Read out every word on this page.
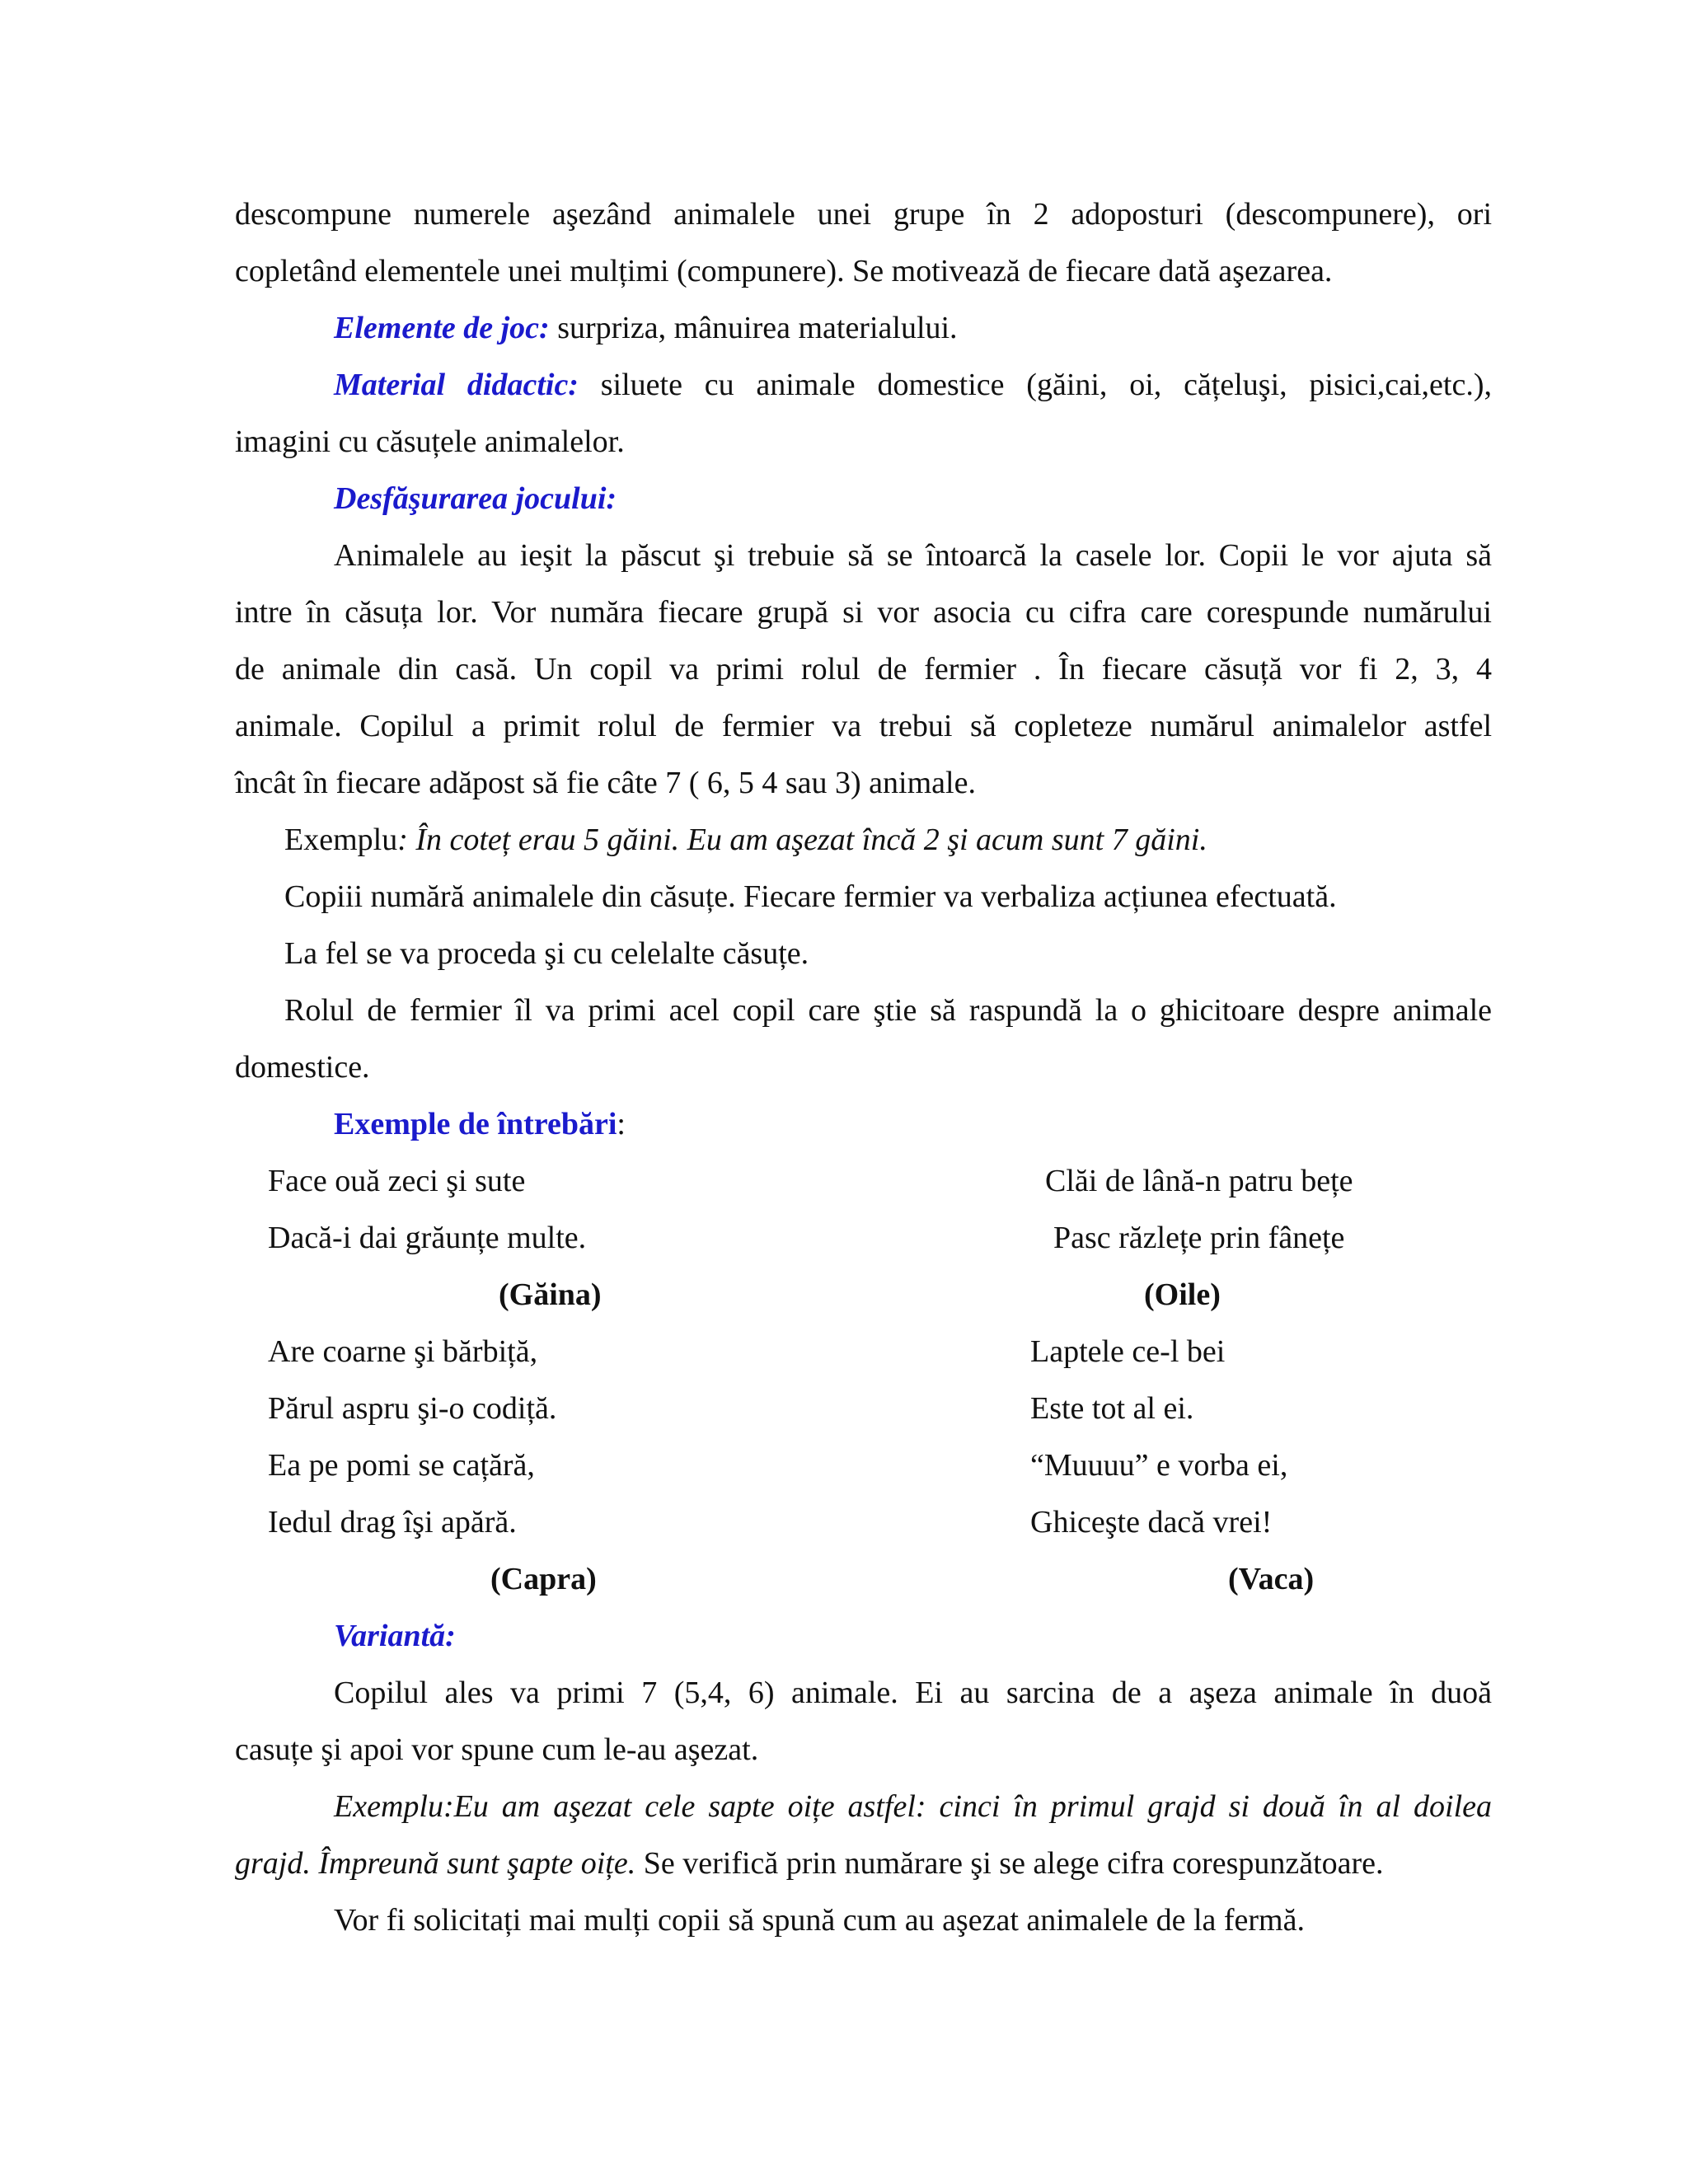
descompune numerele aşezând animalele unei grupe în 2 adoposturi (descompunere), ori
copletând elementele unei mulțimi (compunere). Se motivează de fiecare dată aşezarea.
Elemente de joc: surpriza, mânuirea materialului.
Material didactic: siluete cu animale domestice (găini, oi, cățeluşi, pisici,cai,etc.),
imagini cu căsuțele animalelor.
Desfăşurarea jocului:
Animalele au ieşit la păscut şi trebuie să se întoarcă la casele lor. Copii le vor ajuta să
intre în căsuța lor. Vor număra fiecare grupă si vor asocia cu cifra care corespunde numărului
de animale din casă. Un copil va primi rolul de fermier . În fiecare căsuță vor fi 2, 3, 4
animale. Copilul a primit rolul de fermier va trebui să copleteze numărul animalelor astfel
încât în fiecare adăpost să fie câte 7 ( 6, 5 4 sau 3) animale.
Exemplu: În coteț erau 5 găini. Eu am aşezat încă 2 şi acum sunt 7 găini.
Copiii numără animalele din căsuțe. Fiecare fermier va verbaliza acțiunea efectuată.
La fel se va proceda şi cu celelalte căsuțe.
Rolul de fermier îl va primi acel copil care ştie să raspundă la o ghicitoare despre animale
domestice.
Exemple de întrebări:
Face ouă zeci şi sute
Dacă-i dai grăunțe multe.
(Găina)
Clăi de lână-n patru bețe
Pasc răzlețe prin fânețe
(Oile)
Are coarne şi bărbiță,
Părul aspru şi-o codiță.
Ea pe pomi se cațără,
Iedul drag îşi apără.
(Capra)
Laptele ce-l bei
Este tot al ei.
“Muuuu” e vorba ei,
Ghiceşte dacă vrei!
(Vaca)
Variantă:
Copilul ales va primi 7 (5,4, 6) animale. Ei au sarcina de a aşeza animale în duoă
casuțe şi apoi vor spune cum le-au aşezat.
Exemplu:Eu am aşezat cele sapte oițe astfel: cinci în primul grajd si două în al doilea
grajd. Împreună sunt şapte oițe. Se verifică prin numărare şi se alege cifra corespunzătoare.
Vor fi solicitați mai mulți copii să spună cum au aşezat animalele de la fermă.
